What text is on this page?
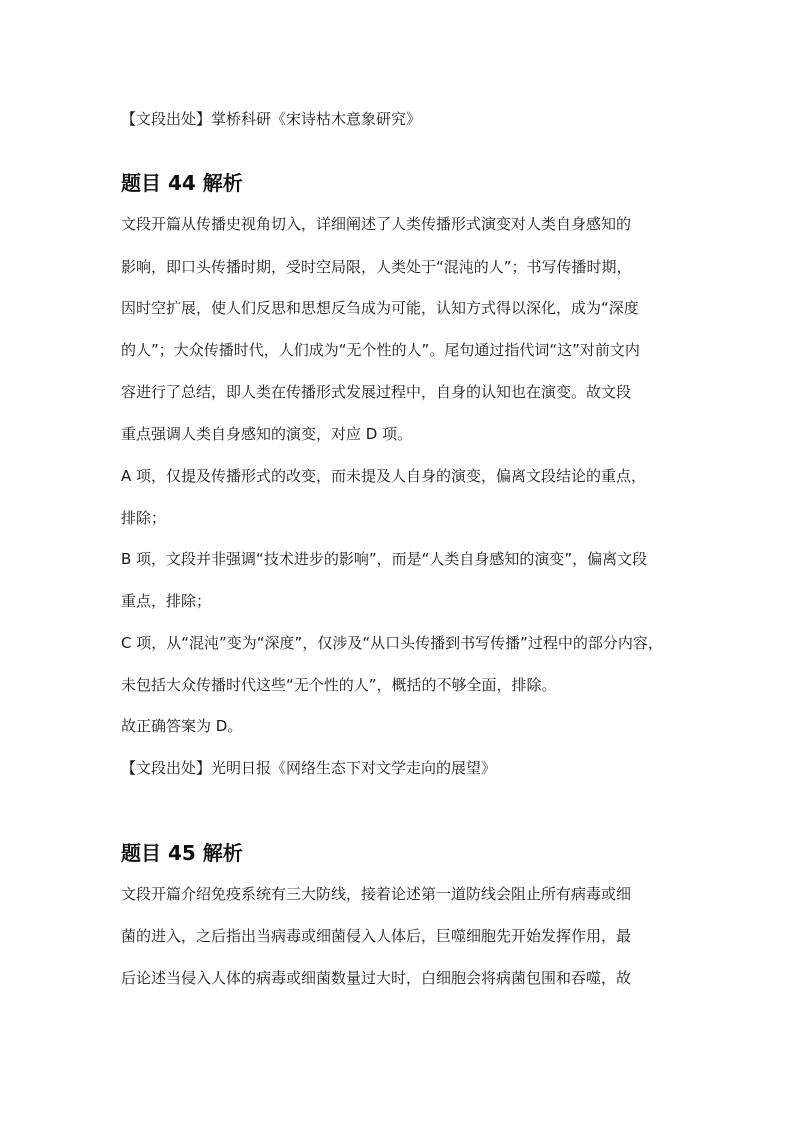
【文段出处】掌桥科研《宋诗枯木意象研究》
题目 44 解析
文段开篇从传播史视角切入，详细阐述了人类传播形式演变对人类自身感知的
影响，即口头传播时期，受时空局限，人类处于“混沌的人”；书写传播时期，
因时空扩展，使人们反思和思想反刍成为可能，认知方式得以深化，成为“深度
的人”；大众传播时代，人们成为“无个性的人”。尾句通过指代词“这”对前文内
容进行了总结，即人类在传播形式发展过程中，自身的认知也在演变。故文段
重点强调人类自身感知的演变，对应 D 项。
A 项，仅提及传播形式的改变，而未提及人自身的演变，偏离文段结论的重点，
排除；
B 项，文段并非强调“技术进步的影响”，而是“人类自身感知的演变”，偏离文段
重点，排除；
C 项，从“混沌”变为“深度”，仅涉及“从口头传播到书写传播”过程中的部分内容，
未包括大众传播时代这些“无个性的人”，概括的不够全面，排除。
故正确答案为 D。
【文段出处】光明日报《网络生态下对文学走向的展望》
题目 45 解析
文段开篇介绍免疫系统有三大防线，接着论述第一道防线会阻止所有病毒或细
菌的进入，之后指出当病毒或细菌侵入人体后，巨噬细胞先开始发挥作用，最
后论述当侵入人体的病毒或细菌数量过大时，白细胞会将病菌包围和吞噬，故
